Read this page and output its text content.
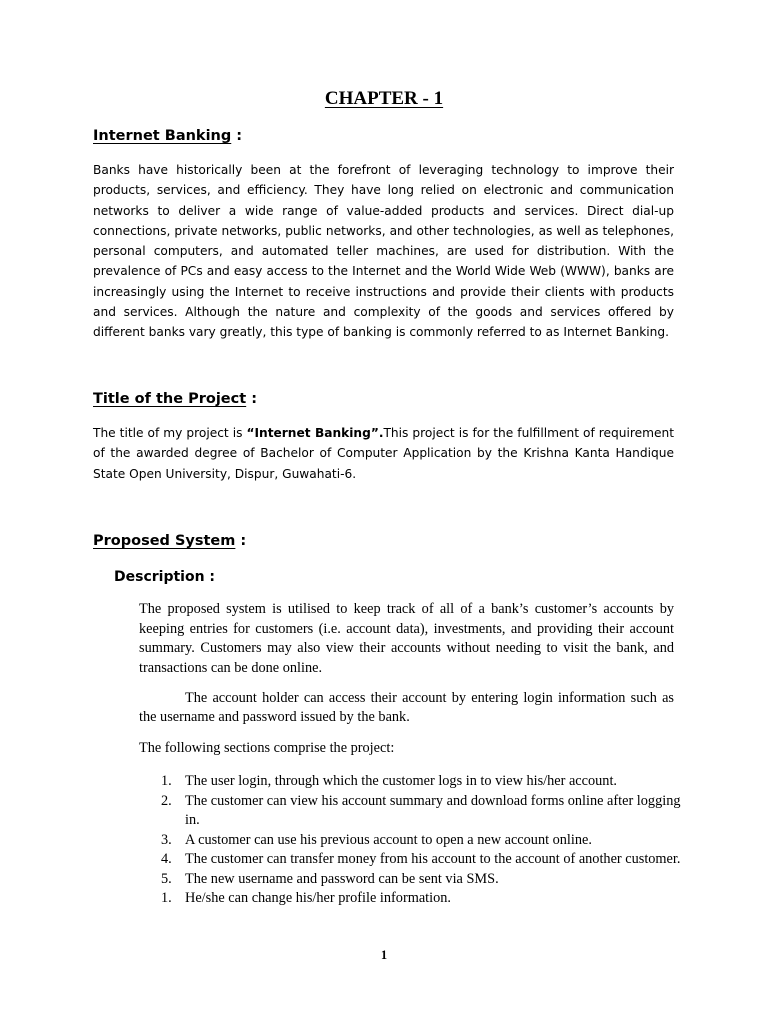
CHAPTER - 1
Internet Banking :
Banks have historically been at the forefront of leveraging technology to improve their products, services, and efficiency. They have long relied on electronic and communication networks to deliver a wide range of value-added products and services. Direct dial-up connections, private networks, public networks, and other technologies, as well as telephones, personal computers, and automated teller machines, are used for distribution. With the prevalence of PCs and easy access to the Internet and the World Wide Web (WWW), banks are increasingly using the Internet to receive instructions and provide their clients with products and services. Although the nature and complexity of the goods and services offered by different banks vary greatly, this type of banking is commonly referred to as Internet Banking.
Title of the Project :
The title of my project is “Internet Banking”.This project is for the fulfillment of requirement of the awarded degree of Bachelor of Computer Application by the Krishna Kanta Handique State Open University, Dispur, Guwahati-6.
Proposed System :
Description :

The proposed system is utilised to keep track of all of a bank’s customer’s accounts by keeping entries for customers (i.e. account data), investments, and providing their account summary. Customers may also view their accounts without needing to visit the bank, and transactions can be done online.

The account holder can access their account by entering login information such as the username and password issued by the bank.

The following sections comprise the project:

1. The user login, through which the customer logs in to view his/her account.
2. The customer can view his account summary and download forms online after logging in.
3. A customer can use his previous account to open a new account online.
4. The customer can transfer money from his account to the account of another customer.
5. The new username and password can be sent via SMS.
1. He/she can change his/her profile information.
1
